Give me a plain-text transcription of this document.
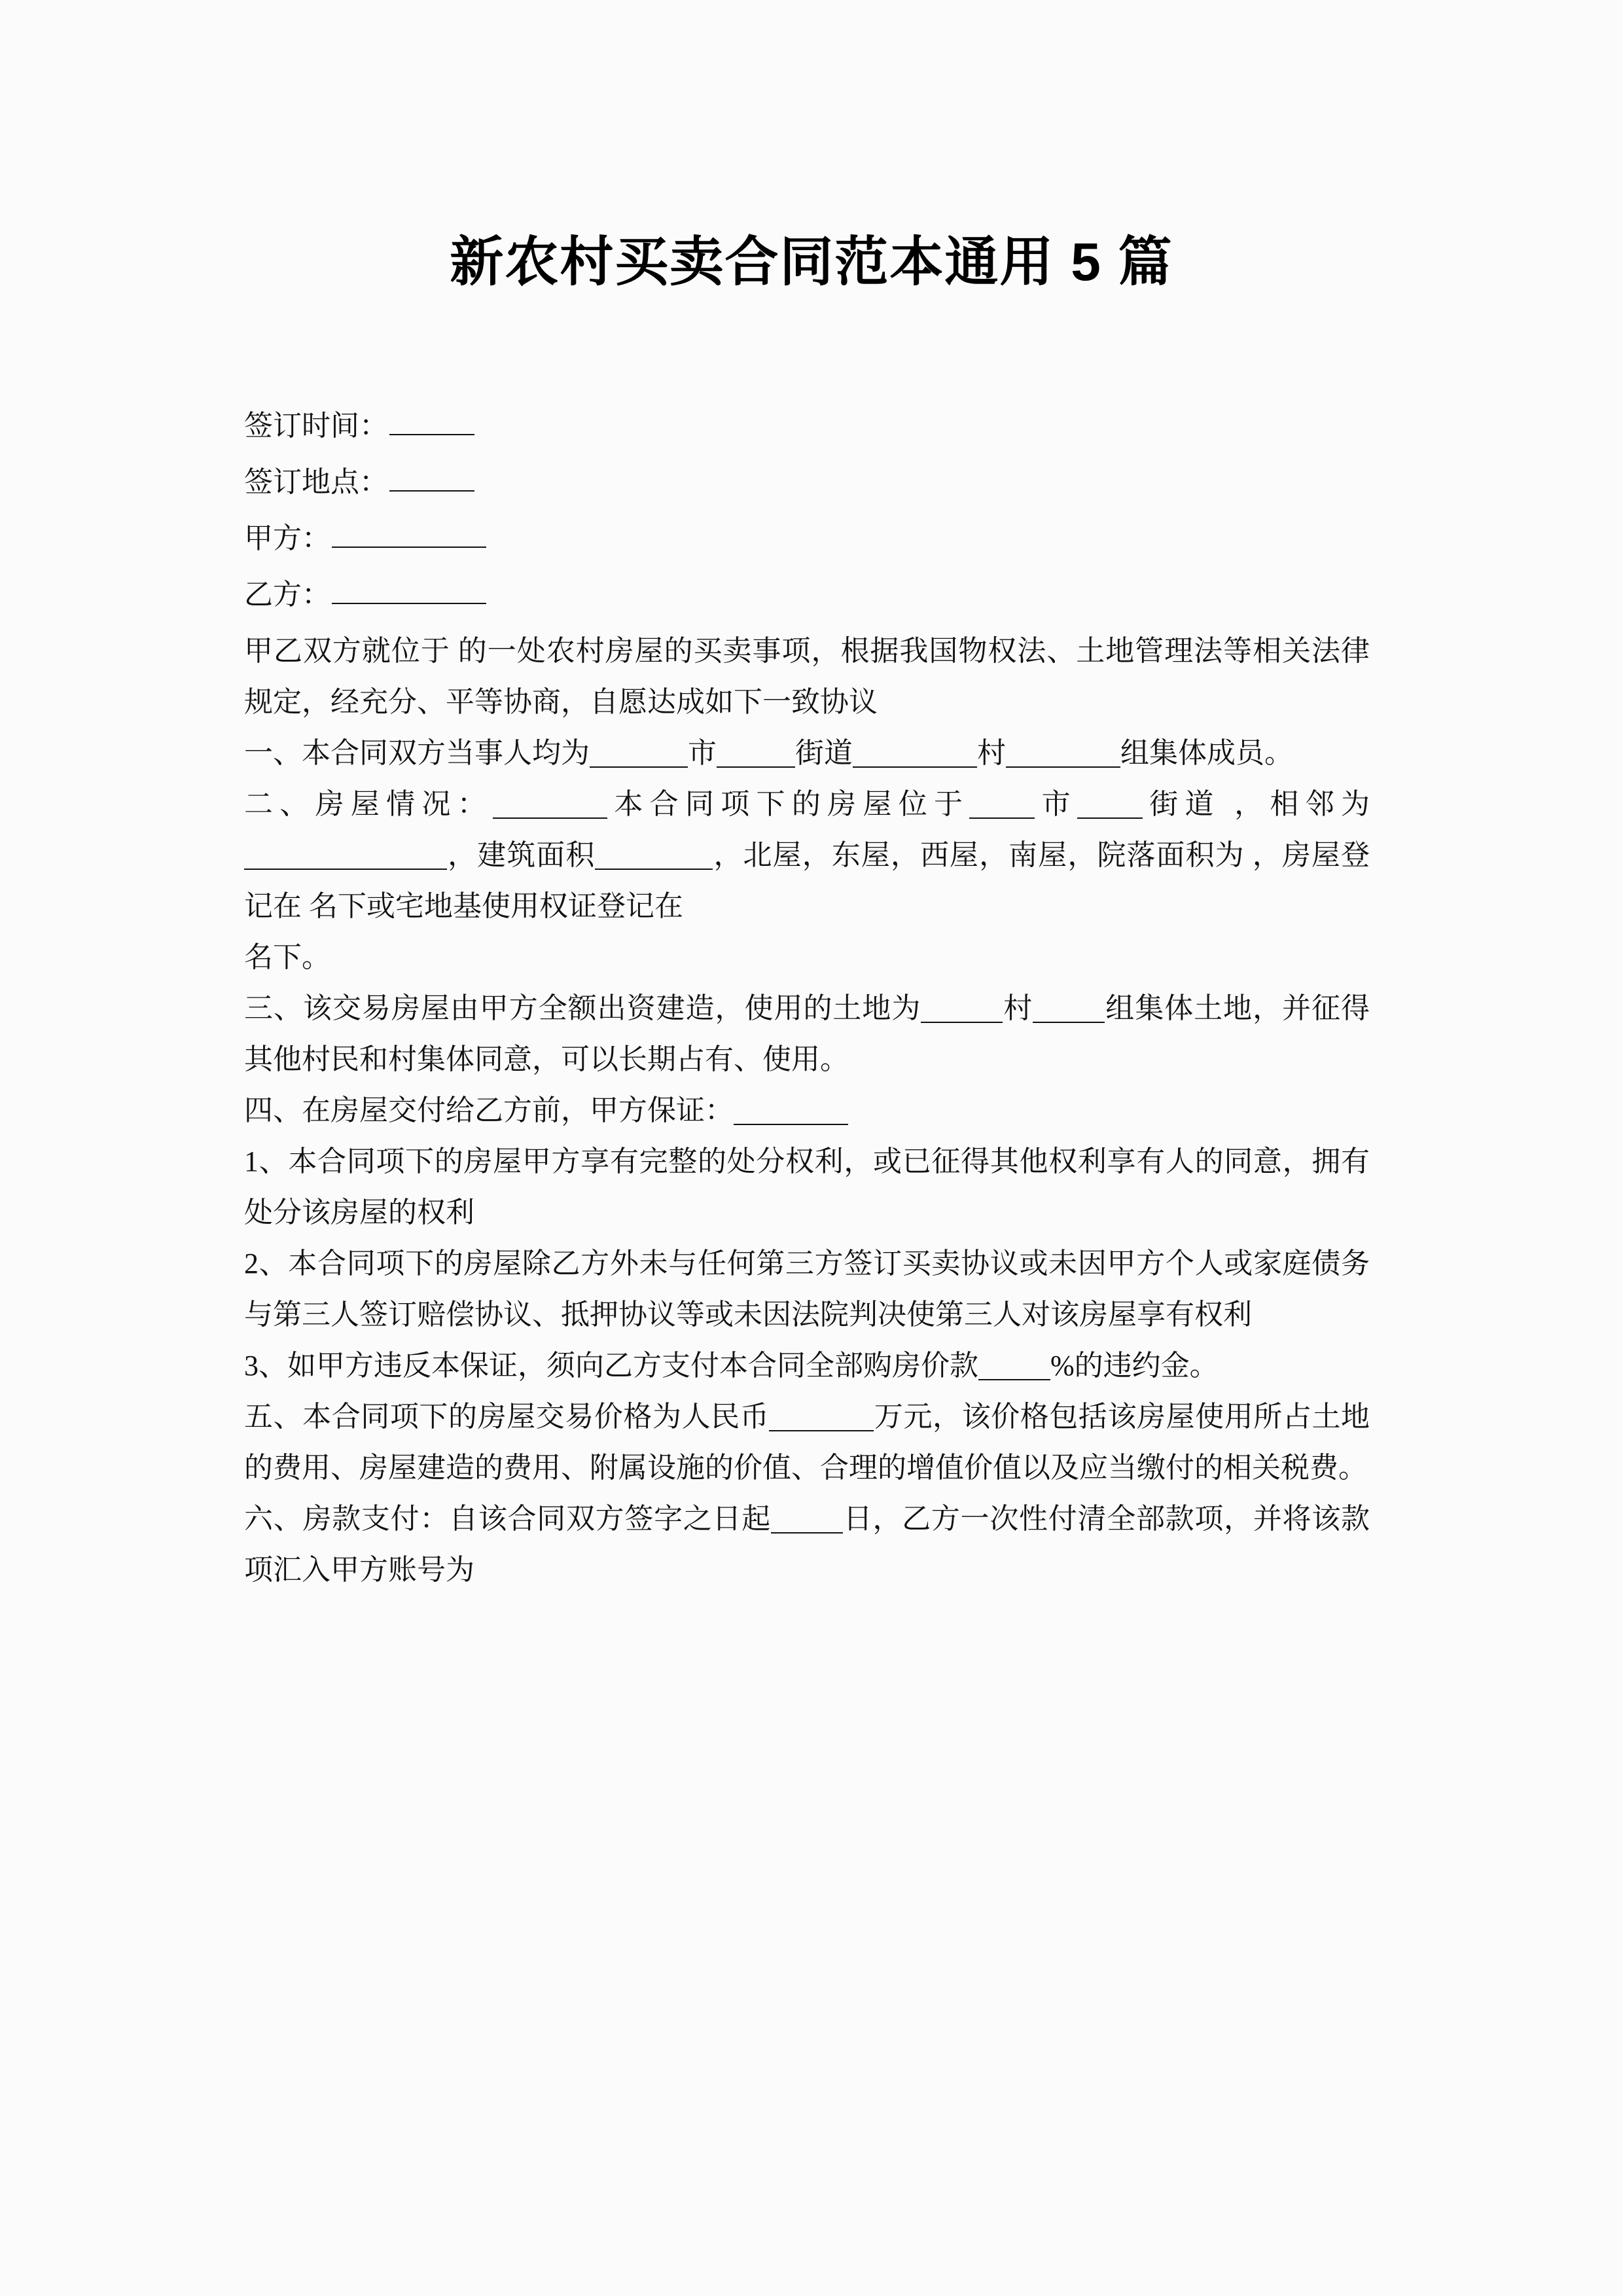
新农村买卖合同范本通用 5 篇
签订时间：
签订地点：
甲方：
乙方：

甲乙双方就位于 的一处农村房屋的买卖事项，根据我国物权法、土地管理法等相关法律规定，经充分、平等协商，自愿达成如下一致协议

一、本合同双方当事人均为	市	街道	村	组集体成员。

二、房屋情况：	本合同项下的房屋位于 市 街道 ，相邻为，建筑面积	，北屋，东屋，西屋，南屋，院落面积为 ，房屋登记在 名下或宅地基使用权证登记在

名下。

三、该交易房屋由甲方全额出资建造，使用的土地为	村	组集体土地，并征得其他村民和村集体同意，可以长期占有、使用。

四、在房屋交付给乙方前，甲方保证：

1、本合同项下的房屋甲方享有完整的处分权利，或已征得其他权利享有人的同意，拥有处分该房屋的权利

2、本合同项下的房屋除乙方外未与任何第三方签订买卖协议或未因甲方个人或家庭债务与第三人签订赔偿协议、抵押协议等或未因法院判决使第三人对该房屋享有权利

3、如甲方违反本保证，须向乙方支付本合同全部购房价款	%的违约金。

五、本合同项下的房屋交易价格为人民币	万元，该价格包括该房屋使用所占土地的费用、房屋建造的费用、附属设施的价值、合理的增值价值以及应当缴付的相关税费。

六、房款支付：自该合同双方签字之日起	日，乙方一次性付清全部款项，并将该款项汇入甲方账号为
